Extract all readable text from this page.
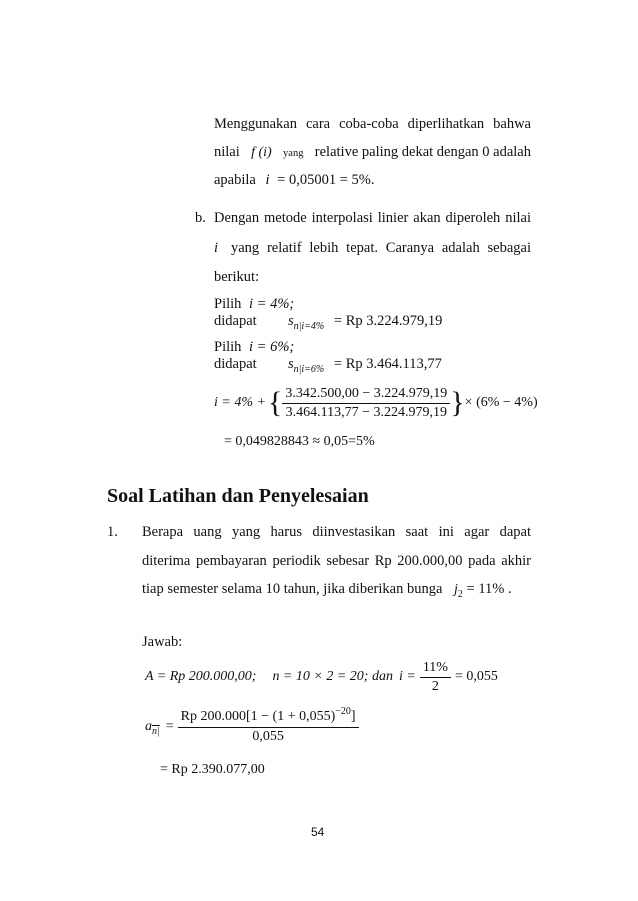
Menggunakan cara coba-coba diperlihatkan bahwa
nilai f (i) yang relative paling dekat dengan 0 adalah
apabila i = 0,05001 = 5%.
b. Dengan metode interpolasi linier akan diperoleh nilai
i yang relatif lebih tepat. Caranya adalah sebagai
berikut:
Pilih i = 4%;
didapat $s_{n|i=4\%} = Rp$ 3.224.979,19
Pilih i = 6%;
didapat $s_{n|i=6\%} = Rp$ 3.464.113,77
i = 4% + { $\frac{3.342.500,00 - 3.224.979,19}{3.464.113,77 - 3.224.979,19}$ } × (6% − 4%)
= 0,049828843 ≈ 0,05=5%
Soal Latihan dan Penyelesaian
1. Berapa uang yang harus diinvestasikan saat ini agar dapat
diterima pembayaran periodik sebesar Rp 200.000,00 pada akhir
tiap semester selama 10 tahun, jika diberikan bunga $j_2 = 11\%$ .
Jawab:
A = Rp 200.000,00; n = 10 × 2 = 20; dan $i = \frac{11\%}{2} = 0,055$
a $n| = \frac{Rp 200.000[1 - (1 + 0,055)^{-20}]}{0,055}$
= Rp 2.390.077,00
54
